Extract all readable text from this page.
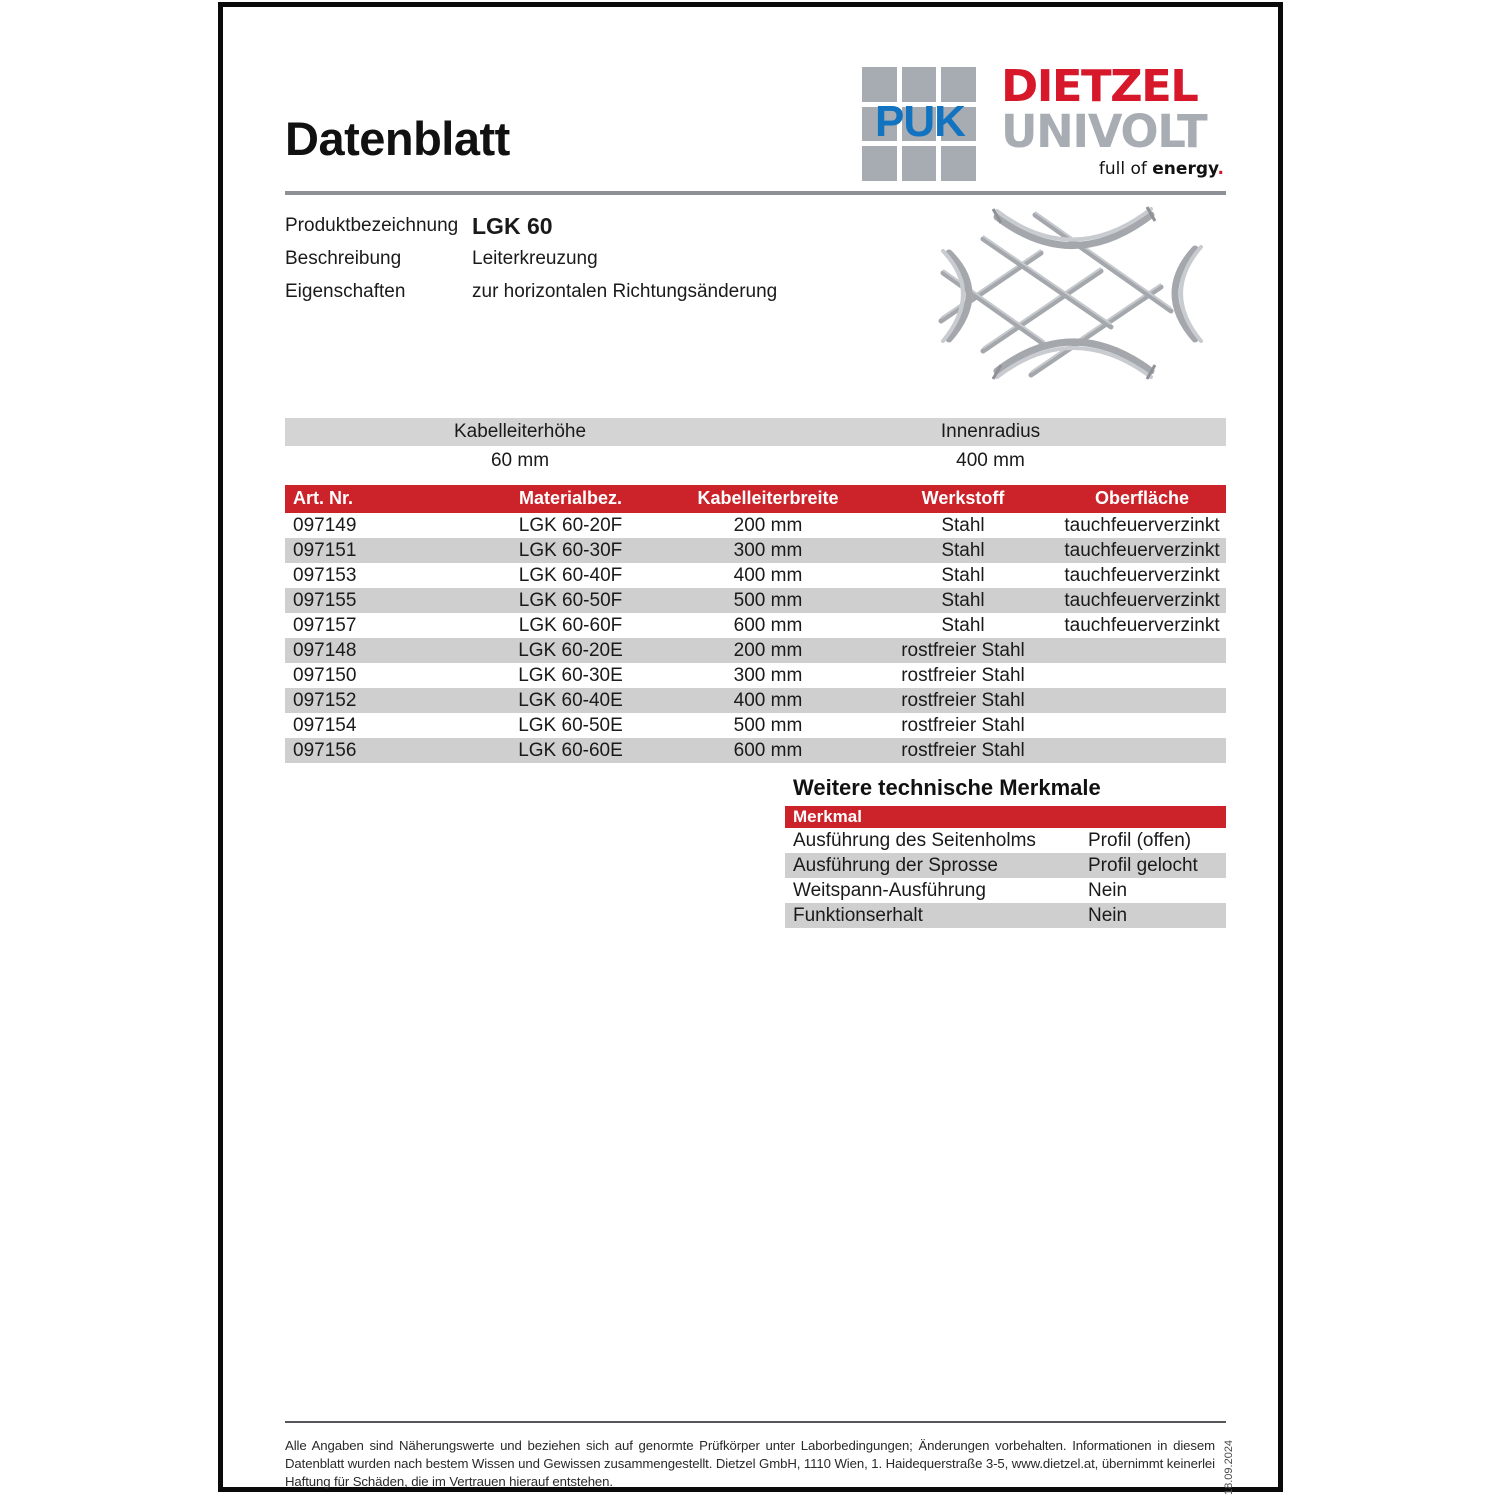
Datenblatt	PUK
DIETZEL
UNIVOLT
full of energy.
Produktbezeichnung LGK 60
Beschreibung	Leiterkreuzung
Eigenschaften	zur horizontalen Richtungsänderung
Kabelleiterhöhe	Innenradius
60 mm	400 mm
Art. Nr.	Materialbez.	Kabelleiterbreite	Werkstoff	Oberfläche
097149	LGK 60-20F	200 mm	Stahl	tauchfeuerverzinkt
097151	LGK 60-30F	300 mm	Stahl	tauchfeuerverzinkt
097153	LGK 60-40F	400 mm	Stahl	tauchfeuerverzinkt
097155	LGK 60-50F	500 mm	Stahl	tauchfeuerverzinkt
097157	LGK 60-60F	600 mm	Stahl	tauchfeuerverzinkt
097148	LGK 60-20E	200 mm	rostfreier Stahl
097150	LGK 60-30E	300 mm	rostfreier Stahl
097152	LGK 60-40E	400 mm	rostfreier Stahl
097154	LGK 60-50E	500 mm	rostfreier Stahl
097156	LGK 60-60E	600 mm	rostfreier Stahl
Weitere technische Merkmale
Merkmal
Ausführung des Seitenholms	Profil (offen)
Ausführung der Sprosse	Profil gelocht
Weitspann-Ausführung	Nein
Funktionserhalt	Nein
Alle Angaben sind Näherungswerte und beziehen sich auf genormte Prüfkörper unter Laborbedingungen; Änderungen vorbehalten. Informationen in diesem Datenblatt wurden nach bestem Wissen und Gewissen zusammengestellt. Dietzel GmbH, 1110 Wien, 1. Haidequerstraße 3-5, www.dietzel.at, übernimmt keinerlei Haftung für Schäden, die im Vertrauen hierauf entstehen.	18.09.2024
